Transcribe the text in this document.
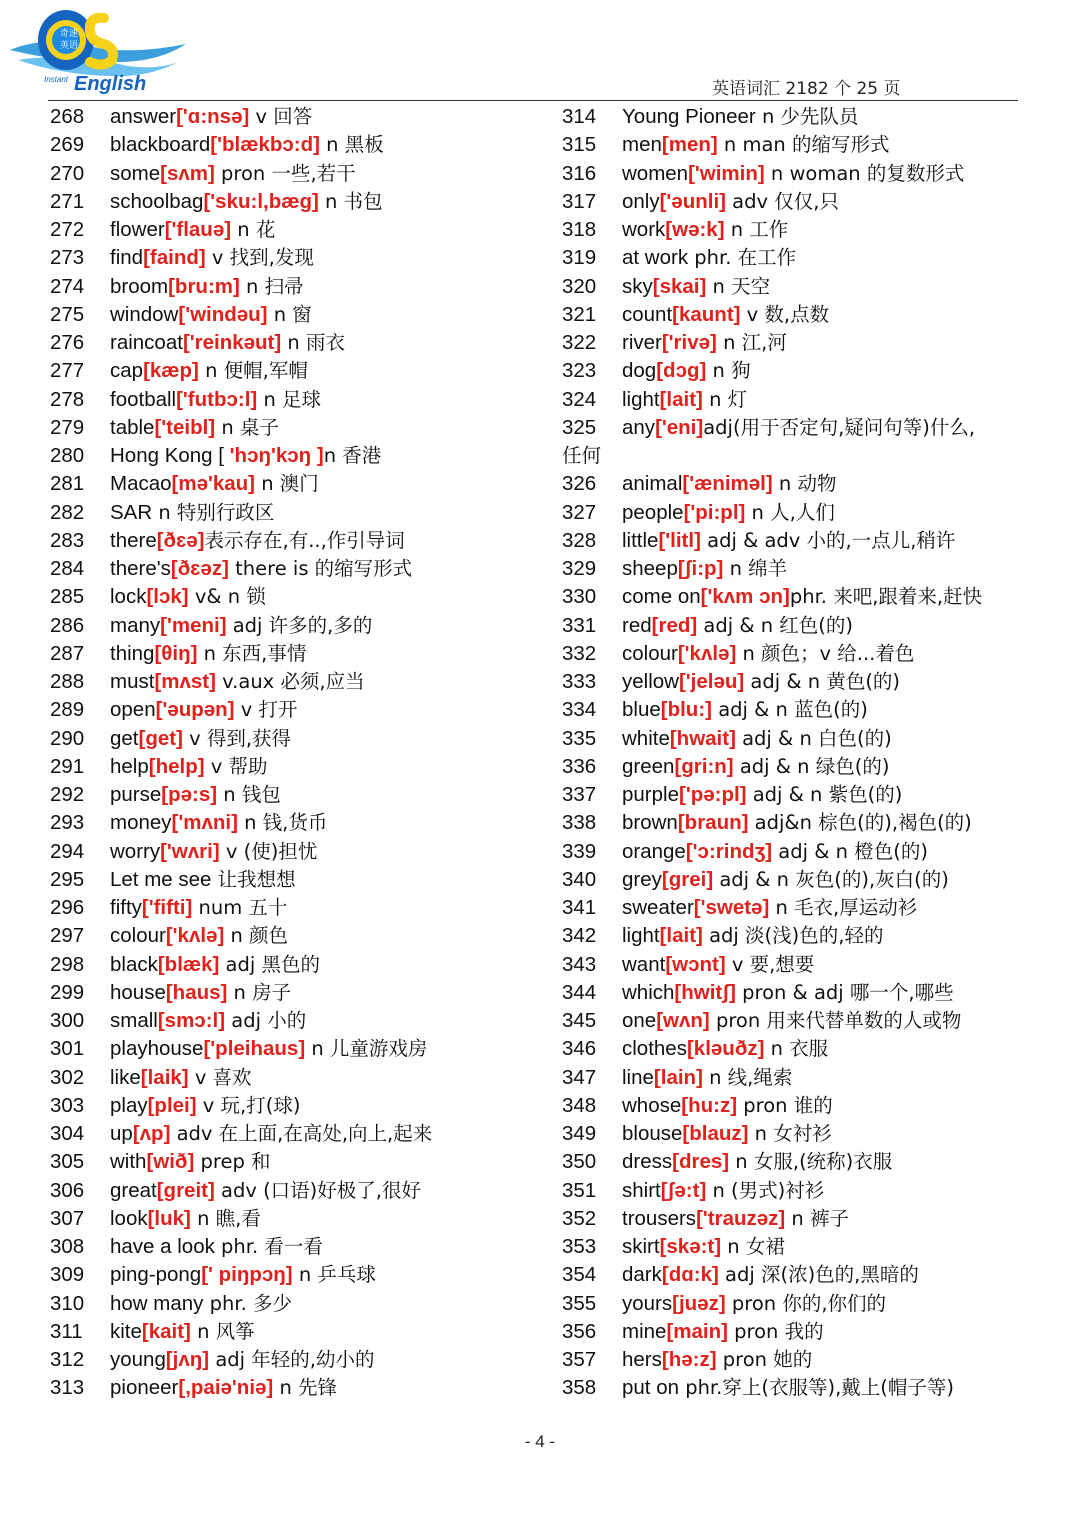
奇速
英语
Instant English	英语词汇 2182 个 25 页
268 answer['ɑ:nsə] v 回答
269 blackboard['blækbɔ:d] n 黑板
270 some[sʌm] pron 一些,若干
271 schoolbag['sku:l,bæg] n 书包
272 flower['flauə] n 花
273 find[faind] v 找到,发现
274 broom[bru:m] n 扫帚
275 window['windəu] n 窗
276 raincoat['reinkəut] n 雨衣
277 cap[kæp] n 便帽,军帽
278 football['futbɔ:l] n 足球
279 table['teibl] n 桌子
280 Hong Kong [ 'hɔŋ'kɔŋ ]n 香港
281 Macao[mə'kau] n 澳门
282 SAR n 特别行政区
283 there[ðɛə]表示存在,有..,作引导词
284 there's[ðɛəz] there is 的缩写形式
285 lock[lɔk] v& n 锁
286 many['meni] adj 许多的,多的
287 thing[θiŋ] n 东西,事情
288 must[mʌst] v.aux 必须,应当
289 open['əupən] v 打开
290 get[get] v 得到,获得
291 help[help] v 帮助
292 purse[pə:s] n 钱包
293 money['mʌni] n 钱,货币
294 worry['wʌri] v (使)担忧
295 Let me see 让我想想
296 fifty['fifti] num 五十
297 colour['kʌlə] n 颜色
298 black[blæk] adj 黑色的
299 house[haus] n 房子
300 small[smɔ:l] adj 小的
301 playhouse['pleihaus] n 儿童游戏房
302 like[laik] v 喜欢
303 play[plei] v 玩,打(球)
304 up[ʌp] adv 在上面,在高处,向上,起来
305 with[wið] prep 和
306 great[greit] adv (口语)好极了,很好
307 look[luk] n 瞧,看
308 have a look phr. 看一看
309 ping-pong[' piŋpɔŋ] n 乒乓球
310 how many phr. 多少
311 kite[kait] n 风筝
312 young[jʌŋ] adj 年轻的,幼小的
313 pioneer[,paiə'niə] n 先锋
314 Young Pioneer n 少先队员
315 men[men] n man 的缩写形式
316 women['wimin] n woman 的复数形式
317 only['əunli] adv 仅仅,只
318 work[wə:k] n 工作
319 at work phr. 在工作
320 sky[skai] n 天空
321 count[kaunt] v 数,点数
322 river['rivə] n 江,河
323 dog[dɔg] n 狗
324 light[lait] n 灯
325 any['eni]adj(用于否定句,疑问句等)什么,
任何
326 animal['ænimǝl] n 动物
327 people['pi:pl] n 人,人们
328 little['litl] adj & adv 小的,一点儿,稍许
329 sheep[ʃi:p] n 绵羊
330 come on['kʌm ɔn]phr. 来吧,跟着来,赶快
331 red[red] adj & n 红色(的)
332 colour['kʌlə] n 颜色；v 给...着色
333 yellow['jeləu] adj & n 黄色(的)
334 blue[blu:] adj & n 蓝色(的)
335 white[hwait] adj & n 白色(的)
336 green[gri:n] adj & n 绿色(的)
337 purple['pə:pl] adj & n 紫色(的)
338 brown[braun] adj&n 棕色(的),褐色(的)
339 orange['ɔ:rindʒ] adj & n 橙色(的)
340 grey[grei] adj & n 灰色(的),灰白(的)
341 sweater['swetə] n 毛衣,厚运动衫
342 light[lait] adj 淡(浅)色的,轻的
343 want[wɔnt] v 要,想要
344 which[hwitʃ] pron & adj 哪一个,哪些
345 one[wʌn] pron 用来代替单数的人或物
346 clothes[kləuðz] n 衣服
347 line[lain] n 线,绳索
348 whose[hu:z] pron 谁的
349 blouse[blauz] n 女衬衫
350 dress[dres] n 女服,(统称)衣服
351 shirt[ʃə:t] n (男式)衬衫
352 trousers['trauzəz] n 裤子
353 skirt[skə:t] n 女裙
354 dark[dɑ:k] adj 深(浓)色的,黑暗的
355 yours[juəz] pron 你的,你们的
356 mine[main] pron 我的
357 hers[hə:z] pron 她的
358 put on phr.穿上(衣服等),戴上(帽子等)
- 4 -
